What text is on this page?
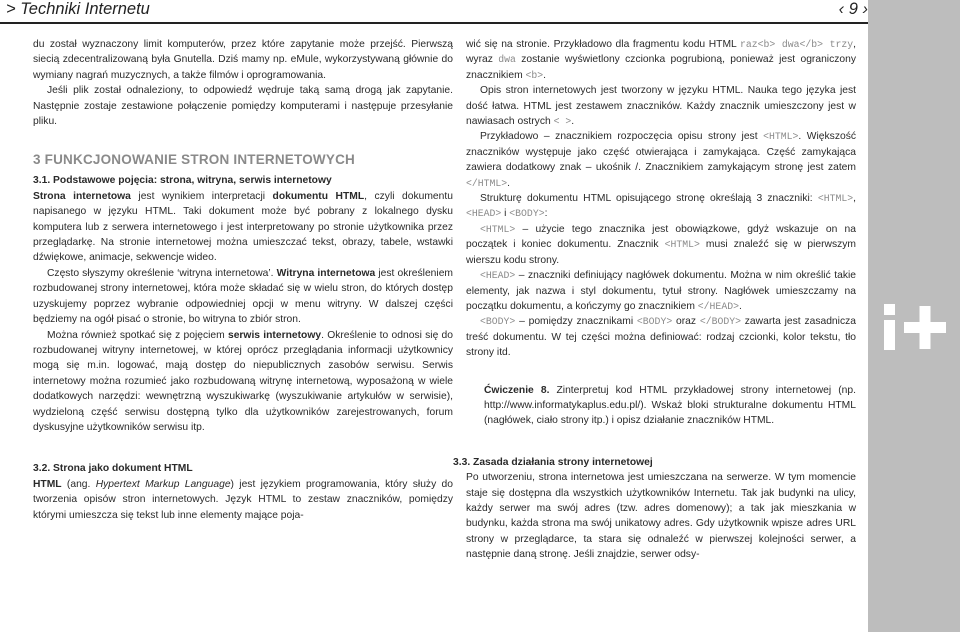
> Techniki Internetu	‹ 9 ›

du został wyznaczony limit komputerów, przez które zapytanie może przejść. Pierwszą siecią zdecentralizowaną była Gnutella. Dziś mamy np. eMule, wykorzystywaną głównie do wymiany nagrań muzycznych, a także filmów i oprogramowania.

Jeśli plik został odnaleziony, to odpowiedź wędruje taką samą drogą jak zapytanie. Następnie zostaje zestawione połączenie pomiędzy komputerami i następuje przesyłanie pliku.

3 FUNKCJONOWANIE STRON INTERNETOWYCH

3.1. Podstawowe pojęcia: strona, witryna, serwis internetowy

Strona internetowa jest wynikiem interpretacji dokumentu HTML, czyli dokumentu napisanego w języku HTML. Taki dokument może być pobrany z lokalnego dysku komputera lub z serwera internetowego i jest interpretowany po stronie użytkownika przez przeglądarkę. Na stronie internetowej można umieszczać tekst, obrazy, tabele, wstawki dźwiękowe, animacje, sekwencje wideo.

Często słyszymy określenie ‘witryna internetowa’. Witryna internetowa jest określeniem rozbudowanej strony internetowej, która może składać się w wielu stron, do których dostęp uzyskujemy poprzez wybranie odpowiedniej opcji w menu witryny. W dalszej części będziemy na ogół pisać o stronie, bo witryna to zbiór stron.

Można również spotkać się z pojęciem serwis internetowy. Określenie to odnosi się do rozbudowanej witryny internetowej, w której oprócz przeglądania informacji użytkownicy mogą się m.in. logować, mają dostęp do niepublicznych zasobów serwisu. Serwis internetowy można rozumieć jako rozbudowaną witrynę internetową, wyposażoną w wiele dodatkowych narzędzi: wewnętrzną wyszukiwarkę (wyszukiwanie artykułów w serwisie), wydzieloną część serwisu dostępną tylko dla użytkowników zarejestrowanych, forum dyskusyjne użytkowników serwisu itp.

3.2. Strona jako dokument HTML

HTML (ang. Hypertext Markup Language) jest językiem programowania, który służy do tworzenia opisów stron internetowych. Język HTML to zestaw znaczników, pomiędzy którymi umieszcza się tekst lub inne elementy mające poja-

wić się na stronie. Przykładowo dla fragmentu kodu HTML raz<b> dwa</b> trzy, wyraz dwa zostanie wyświetlony czcionka pogrubioną, ponieważ jest ograniczony znacznikiem <b>.

Opis stron internetowych jest tworzony w języku HTML. Nauka tego języka jest dość łatwa. HTML jest zestawem znaczników. Każdy znacznik umieszczony jest w nawiasach ostrych < >.

Przykładowo – znacznikiem rozpoczęcia opisu strony jest <HTML>. Większość znaczników występuje jako część otwierająca i zamykająca. Część zamykająca zawiera dodatkowy znak – ukośnik /. Znacznikiem zamykającym stronę jest zatem </HTML>.

Strukturę dokumentu HTML opisującego stronę określają 3 znaczniki: <HTML>, <HEAD> i <BODY>:

<HTML> – użycie tego znacznika jest obowiązkowe, gdyż wskazuje on na początek i koniec dokumentu. Znacznik <HTML> musi znaleźć się w pierwszym wierszu kodu strony.

<HEAD> – znaczniki definiujący nagłówek dokumentu. Można w nim określić takie elementy, jak nazwa i styl dokumentu, tytuł strony. Nagłówek umieszczamy na początku dokumentu, a kończymy go znacznikiem </HEAD>.

<BODY> – pomiędzy znacznikami <BODY> oraz </BODY> zawarta jest zasadnicza treść dokumentu. W tej części można definiować: rodzaj czcionki, kolor tekstu, tło strony itd.

Ćwiczenie 8. Zinterpretuj kod HTML przykładowej strony internetowej (np. http://www.informatykaplus.edu.pl/). Wskaż bloki strukturalne dokumentu HTML (nagłówek, ciało strony itp.) i opisz działanie znaczników HTML.

3.3. Zasada działania strony internetowej

Po utworzeniu, strona internetowa jest umieszczana na serwerze. W tym momencie staje się dostępna dla wszystkich użytkowników Internetu. Tak jak budynki na ulicy, każdy serwer ma swój adres (tzw. adres domenowy); a tak jak mieszkania w budynku, każda strona ma swój unikatowy adres. Gdy użytkownik wpisze adres URL strony w przeglądarce, ta stara się odnaleźć w pierwszej kolejności serwer, a następnie daną stronę. Jeśli znajdzie, serwer odsy-
